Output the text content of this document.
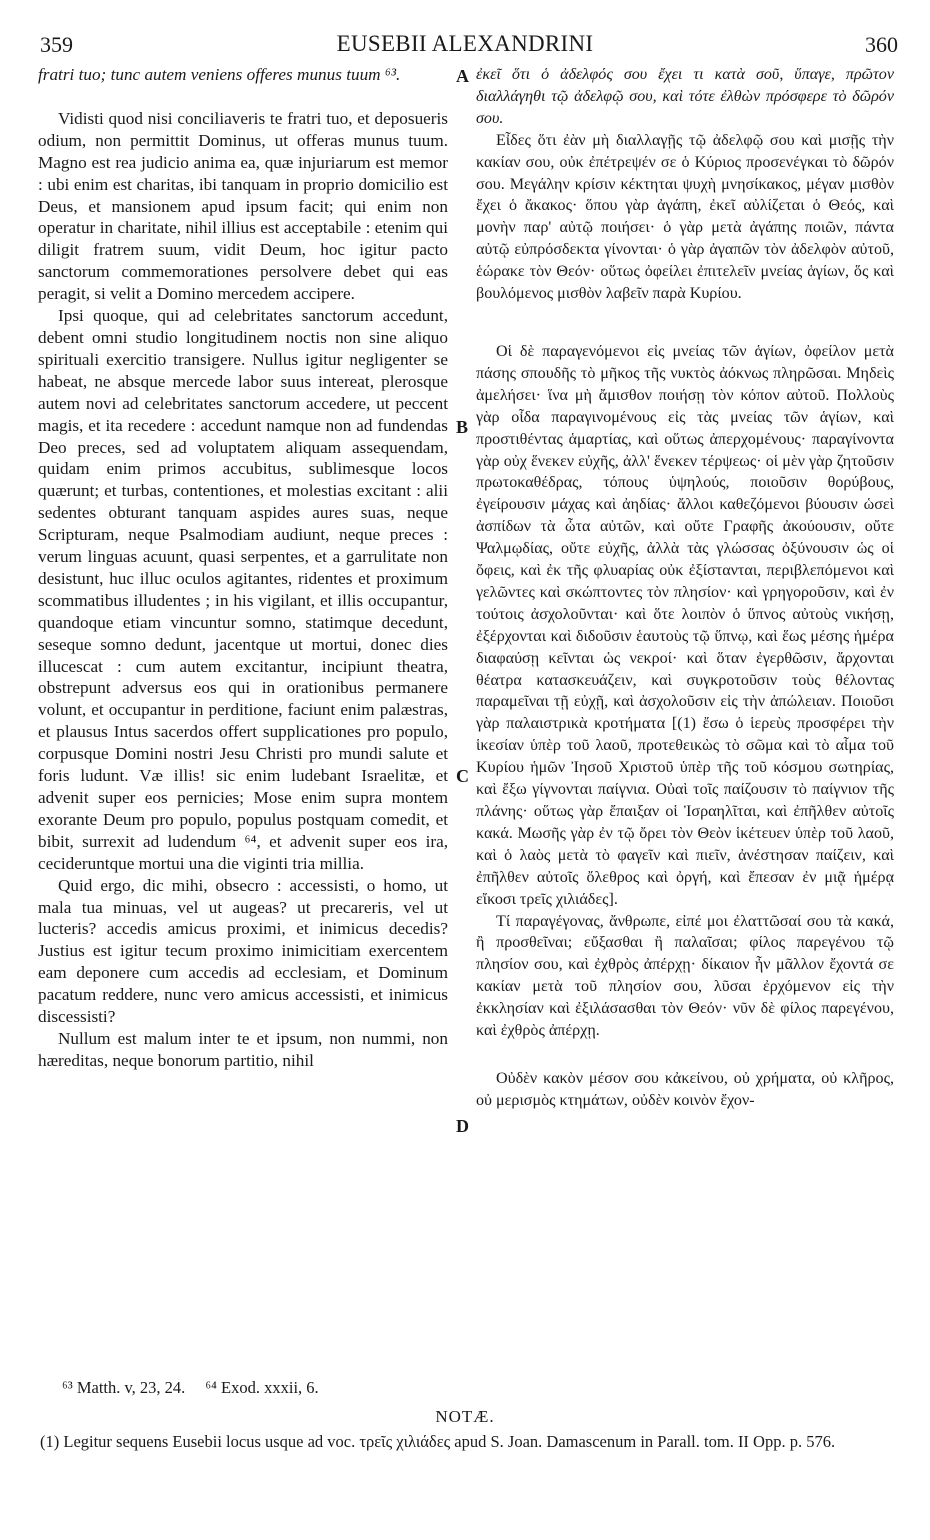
359	EUSEBII ALEXANDRINI	360

fratri tuo; tunc autem veniens offeres munus tuum ⁶³.

Vidisti quod nisi conciliaveris te fratri tuo, et deposueris odium, non permittit Dominus, ut offeras munus tuum. Magno est rea judicio anima ea, quæ injuriarum est memor : ubi enim est charitas, ibi tanquam in proprio domicilio est Deus, et mansionem apud ipsum facit; qui enim non operatur in charitate, nihil illius est acceptabile : etenim qui diligit fratrem suum, vidit Deum, hoc igitur pacto sanctorum commemorationes persolvere debet qui eas peragit, si velit a Domino mercedem accipere.

Ipsi quoque, qui ad celebritates sanctorum accedunt, debent omni studio longitudinem noctis non sine aliquo spirituali exercitio transigere. Nullus igitur negligenter se habeat, ne absque mercede labor suus intereat, plerosque autem novi ad celebritates sanctorum accedere, ut peccent magis, et ita recedere : accedunt namque non ad fundendas Deo preces, sed ad voluptatem aliquam assequendam, quidam enim primos accubitus, sublimesque locos quærunt; et turbas, contentiones, et molestias excitant : alii sedentes obturant tanquam aspides aures suas, neque Scripturam, neque Psalmodiam audiunt, neque preces : verum linguas acuunt, quasi serpentes, et a garrulitate non desistunt, huc illuc oculos agitantes, ridentes et proximum scommatibus illudentes ; in his vigilant, et illis occupantur, quandoque etiam vincuntur somno, statimque decedunt, seseque somno dedunt, jacentque ut mortui, donec dies illucescat : cum autem excitantur, incipiunt theatra, obstrepunt adversus eos qui in orationibus permanere volunt, et occupantur in perditione, faciunt enim palæstras, et plausus Intus sacerdos offert supplicationes pro populo, corpusque Domini nostri Jesu Christi pro mundi salute et foris ludunt. Væ illis! sic enim ludebant Israelitæ, et advenit super eos pernicies; Mose enim supra montem exorante Deum pro populo, populus postquam comedit, et bibit, surrexit ad ludendum ⁶⁴, et advenit super eos ira, cecideruntque mortui una die viginti tria millia.

Quid ergo, dic mihi, obsecro : accessisti, o homo, ut mala tua minuas, vel ut augeas? ut precareris, vel ut lucteris? accedis amicus proximi, et inimicus decedis? Justius est igitur tecum proximo inimicitiam exercentem eam deponere cum accedis ad ecclesiam, et Dominum pacatum reddere, nunc vero amicus accessisti, et inimicus discessisti?

Nullum est malum inter te et ipsum, non nummi, non hæreditas, neque bonorum partitio, nihil

ἐκεῖ ὅτι ὁ ἀδελφός σου ἔχει τι κατὰ σοῦ, ὕπαγε, πρῶτον διαλλάγηθι τῷ ἀδελφῷ σου, καὶ τότε ἐλθὼν πρόσφερε τὸ δῶρόν σου.

Εἶδες ὅτι ἐὰν μὴ διαλλαγῇς τῷ ἀδελφῷ σου καὶ μισῇς τὴν κακίαν σου, οὐκ ἐπέτρεψέν σε ὁ Κύριος προσενέγκαι τὸ δῶρόν σου. Μεγάλην κρίσιν κέκτηται ψυχὴ μνησίκακος, μέγαν μισθὸν ἔχει ὁ ἄκακος· ὅπου γὰρ ἀγάπη, ἐκεῖ αὐλίζεται ὁ Θεός, καὶ μονὴν παρ' αὐτῷ ποιήσει· ὁ γὰρ μετὰ ἀγάπης ποιῶν, πάντα αὐτῷ εὐπρόσδεκτα γίνονται· ὁ γὰρ ἀγαπῶν τὸν ἀδελφὸν αὐτοῦ, ἑώρακε τὸν Θεόν· οὕτως ὀφείλει ἐπιτελεῖν μνείας ἁγίων, ὅς καὶ βουλόμενος μισθὸν λαβεῖν παρὰ Κυρίου.

Οἱ δὲ παραγενόμενοι εἰς μνείας τῶν ἁγίων, ὀφείλον μετὰ πάσης σπουδῆς τὸ μῆκος τῆς νυκτὸς ἀόκνως πληρῶσαι. Μηδεὶς ἀμελήσει· ἵνα μὴ ἄμισθον ποιήσῃ τὸν κόπον αὐτοῦ. Πολλοὺς γὰρ οἶδα παραγινομένους εἰς τὰς μνείας τῶν ἁγίων, καὶ προστιθέντας ἁμαρτίας, καὶ οὕτως ἀπερχομένους· παραγίνοντα γὰρ οὐχ ἕνεκεν εὐχῆς, ἀλλ' ἕνεκεν τέρψεως· οἱ μὲν γὰρ ζητοῦσιν πρωτοκαθέδρας, τόπους ὑψηλούς, ποιοῦσιν θορύβους, ἐγείρουσιν μάχας καὶ ἀηδίας· ἄλλοι καθεζόμενοι βύουσιν ὡσεὶ ἀσπίδων τὰ ὦτα αὐτῶν, καὶ οὔτε Γραφῆς ἀκούουσιν, οὔτε Ψαλμῳδίας, οὔτε εὐχῆς, ἀλλὰ τὰς γλώσσας ὀξύνουσιν ὡς οἱ ὄφεις, καὶ ἐκ τῆς φλυαρίας οὐκ ἐξίστανται, περιβλεπόμενοι καὶ γελῶντες καὶ σκώπτοντες τὸν πλησίον· καὶ γρηγοροῦσιν, καὶ ἐν τούτοις ἀσχολοῦνται· καὶ ὅτε λοιπὸν ὁ ὕπνος αὐτοὺς νικήσῃ, ἐξέρχονται καὶ διδοῦσιν ἑαυτοὺς τῷ ὕπνῳ, καὶ ἕως μέσης ἡμέρα διαφαύσῃ κεῖνται ὡς νεκροί· καὶ ὅταν ἐγερθῶσιν, ἄρχονται θέατρα κατασκευάζειν, καὶ συγκροτοῦσιν τοὺς θέλοντας παραμεῖναι τῇ εὐχῇ, καὶ ἀσχολοῦσιν εἰς τὴν ἀπώλειαν. Ποιοῦσι γὰρ παλαιστρικὰ κροτήματα [(1) ἔσω ὁ ἱερεὺς προσφέρει τὴν ἱκεσίαν ὑπὲρ τοῦ λαοῦ, προτεθεικὼς τὸ σῶμα καὶ τὸ αἷμα τοῦ Κυρίου ἡμῶν Ἰησοῦ Χριστοῦ ὑπὲρ τῆς τοῦ κόσμου σωτηρίας, καὶ ἔξω γίγνονται παίγνια. Οὐαὶ τοῖς παίζουσιν τὸ παίγνιον τῆς πλάνης· οὕτως γὰρ ἔπαιξαν οἱ Ἰσραηλῖται, καὶ ἐπῆλθεν αὐτοῖς κακά. Μωσῆς γὰρ ἐν τῷ ὄρει τὸν Θεὸν ἱκέτευεν ὑπὲρ τοῦ λαοῦ, καὶ ὁ λαὸς μετὰ τὸ φαγεῖν καὶ πιεῖν, ἀνέστησαν παίζειν, καὶ ἐπῆλθεν αὐτοῖς ὄλεθρος καὶ ὀργή, καὶ ἔπεσαν ἐν μιᾷ ἡμέρᾳ εἴκοσι τρεῖς χιλιάδες].

Τί παραγέγονας, ἄνθρωπε, εἰπέ μοι ἐλαττῶσαί σου τὰ κακά, ἢ προσθεῖναι; εὔξασθαι ἢ παλαῖσαι; φίλος παρεγένου τῷ πλησίον σου, καὶ ἐχθρὸς ἀπέρχῃ· δίκαιον ἦν μᾶλλον ἔχοντά σε κακίαν μετὰ τοῦ πλησίον σου, λῦσαι ἐρχόμενον εἰς τὴν ἐκκλησίαν καὶ ἐξιλάσασθαι τὸν Θεόν· νῦν δὲ φίλος παρεγένου, καὶ ἐχθρὸς ἀπέρχῃ.

Οὐδὲν κακὸν μέσον σου κἀκείνου, οὐ χρήματα, οὐ κλῆρος, οὐ μερισμὸς κτημάτων, οὐδὲν κοινὸν ἔχον-

A
B
C
D
⁶³ Matth. v, 23, 24. ⁶⁴ Exod. xxxii, 6.
NOTÆ.
(1) Legitur sequens Eusebii locus usque ad voc. τρεῖς χιλιάδες apud S. Joan. Damascenum in Parall. tom. II Opp. p. 576.
